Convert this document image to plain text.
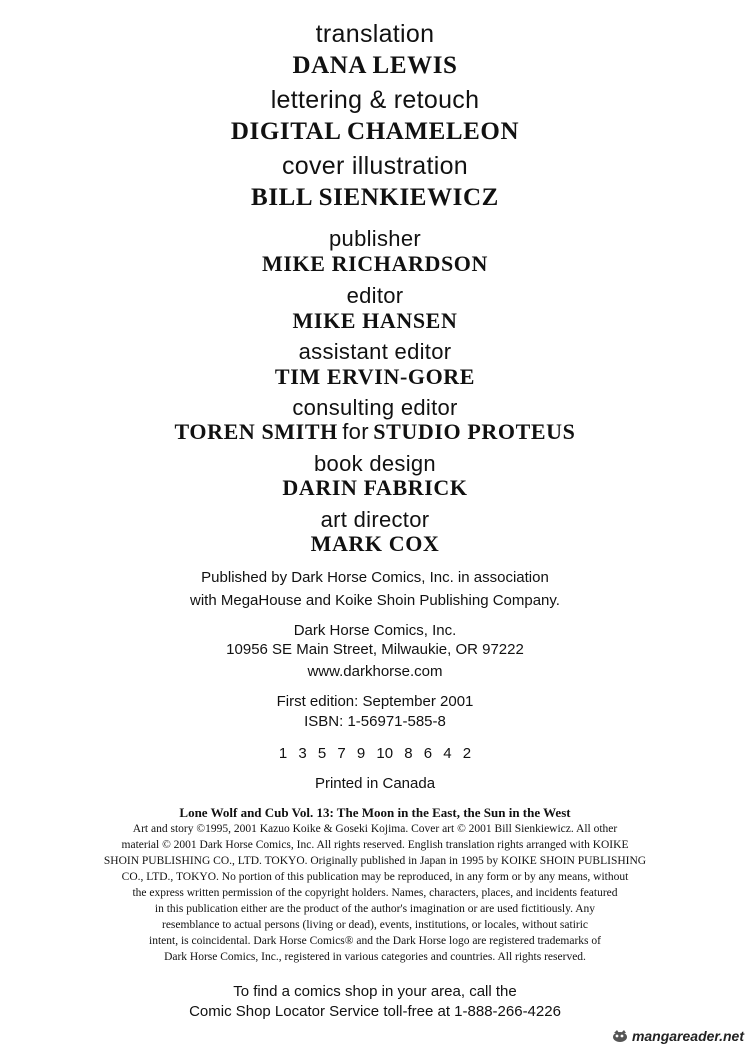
translation
DANA LEWIS
lettering & retouch
DIGITAL CHAMELEON
cover illustration
BILL SIENKIEWICZ
publisher
MIKE RICHARDSON
editor
MIKE HANSEN
assistant editor
TIM ERVIN-GORE
consulting editor
TOREN SMITH for STUDIO PROTEUS
book design
DARIN FABRICK
art director
MARK COX
Published by Dark Horse Comics, Inc. in association
with MegaHouse and Koike Shoin Publishing Company.
Dark Horse Comics, Inc.
10956 SE Main Street, Milwaukie, OR 97222
www.darkhorse.com
First edition: September 2001
ISBN: 1-56971-585-8
1 3 5 7 9 10 8 6 4 2
Printed in Canada
Lone Wolf and Cub Vol. 13: The Moon in the East, the Sun in the West
Art and story ©1995, 2001 Kazuo Koike & Goseki Kojima. Cover art © 2001 Bill Sienkiewicz. All other
material © 2001 Dark Horse Comics, Inc. All rights reserved. English translation rights arranged with KOIKE
SHOIN PUBLISHING CO., LTD. TOKYO. Originally published in Japan in 1995 by KOIKE SHOIN PUBLISHING
CO., LTD., TOKYO. No portion of this publication may be reproduced, in any form or by any means, without
the express written permission of the copyright holders. Names, characters, places, and incidents featured
in this publication either are the product of the author's imagination or are used fictitiously. Any
resemblance to actual persons (living or dead), events, institutions, or locales, without satiric
intent, is coincidental. Dark Horse Comics® and the Dark Horse logo are registered trademarks of
Dark Horse Comics, Inc., registered in various categories and countries. All rights reserved.
To find a comics shop in your area, call the
Comic Shop Locator Service toll-free at 1-888-266-4226
mangareader.net
